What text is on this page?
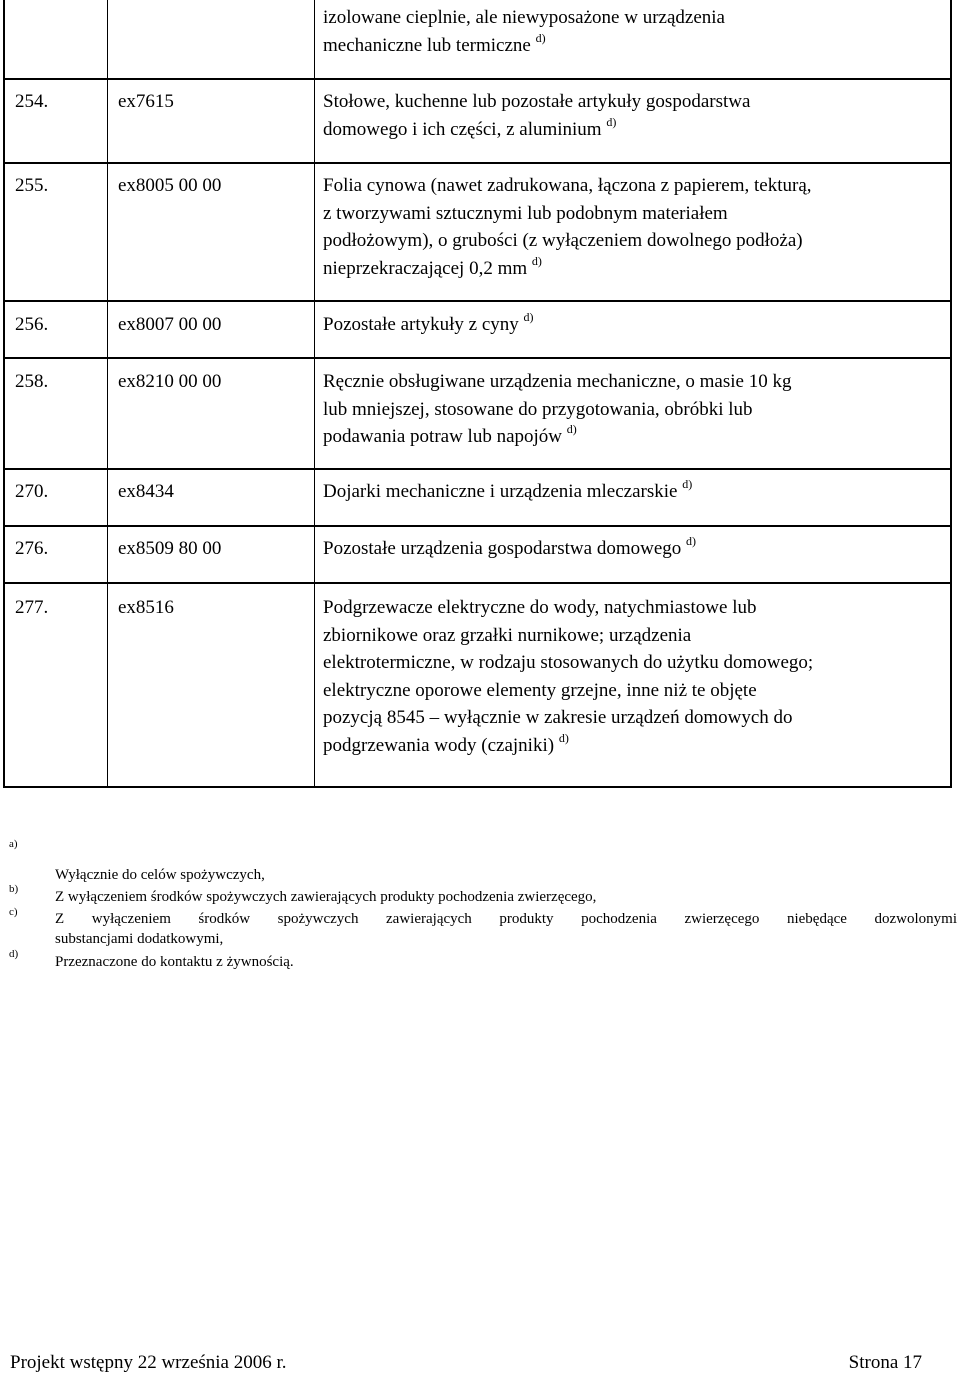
izolowane cieplnie, ale niewyposażone w urządzenia
mechaniczne lub termiczne $^{d)}$
254.	ex7615	Stołowe, kuchenne lub pozostałe artykuły gospodarstwa
domowego i ich części, z aluminium $^{d)}$
255.	ex8005 00 00	Folia cynowa (nawet zadrukowana, łączona z papierem, tekturą,
z tworzywami sztucznymi lub podobnym materiałem
podłożowym), o grubości (z wyłączeniem dowolnego podłoża)
nieprzekraczającej 0,2 mm $^{d)}$
256.	ex8007 00 00	Pozostałe artykuły z cyny $^{d)}$
258.	ex8210 00 00	Ręcznie obsługiwane urządzenia mechaniczne, o masie 10 kg
lub mniejszej, stosowane do przygotowania, obróbki lub
podawania potraw lub napojów $^{d)}$
270.	ex8434	Dojarki mechaniczne i urządzenia mleczarskie $^{d)}$
276.	ex8509 80 00	Pozostałe urządzenia gospodarstwa domowego $^{d)}$
277.	ex8516	Podgrzewacze elektryczne do wody, natychmiastowe lub
zbiornikowe oraz grzałki nurnikowe; urządzenia
elektrotermiczne, w rodzaju stosowanych do użytku domowego;
elektryczne oporowe elementy grzejne, inne niż te objęte
pozycją 8545 – wyłącznie w zakresie urządzeń domowych do
podgrzewania wody (czajniki) $^{d)}$
a)
Wyłącznie do celów spożywczych,
b) Z wyłączeniem środków spożywczych zawierających produkty pochodzenia zwierzęcego,
c) Z wyłączeniem środków spożywczych zawierających produkty pochodzenia zwierzęcego niebędące dozwolonymi
substancjami dodatkowymi,
d) Przeznaczone do kontaktu z żywnością.
Projekt wstępny 22 września 2006 r.	Strona 17
